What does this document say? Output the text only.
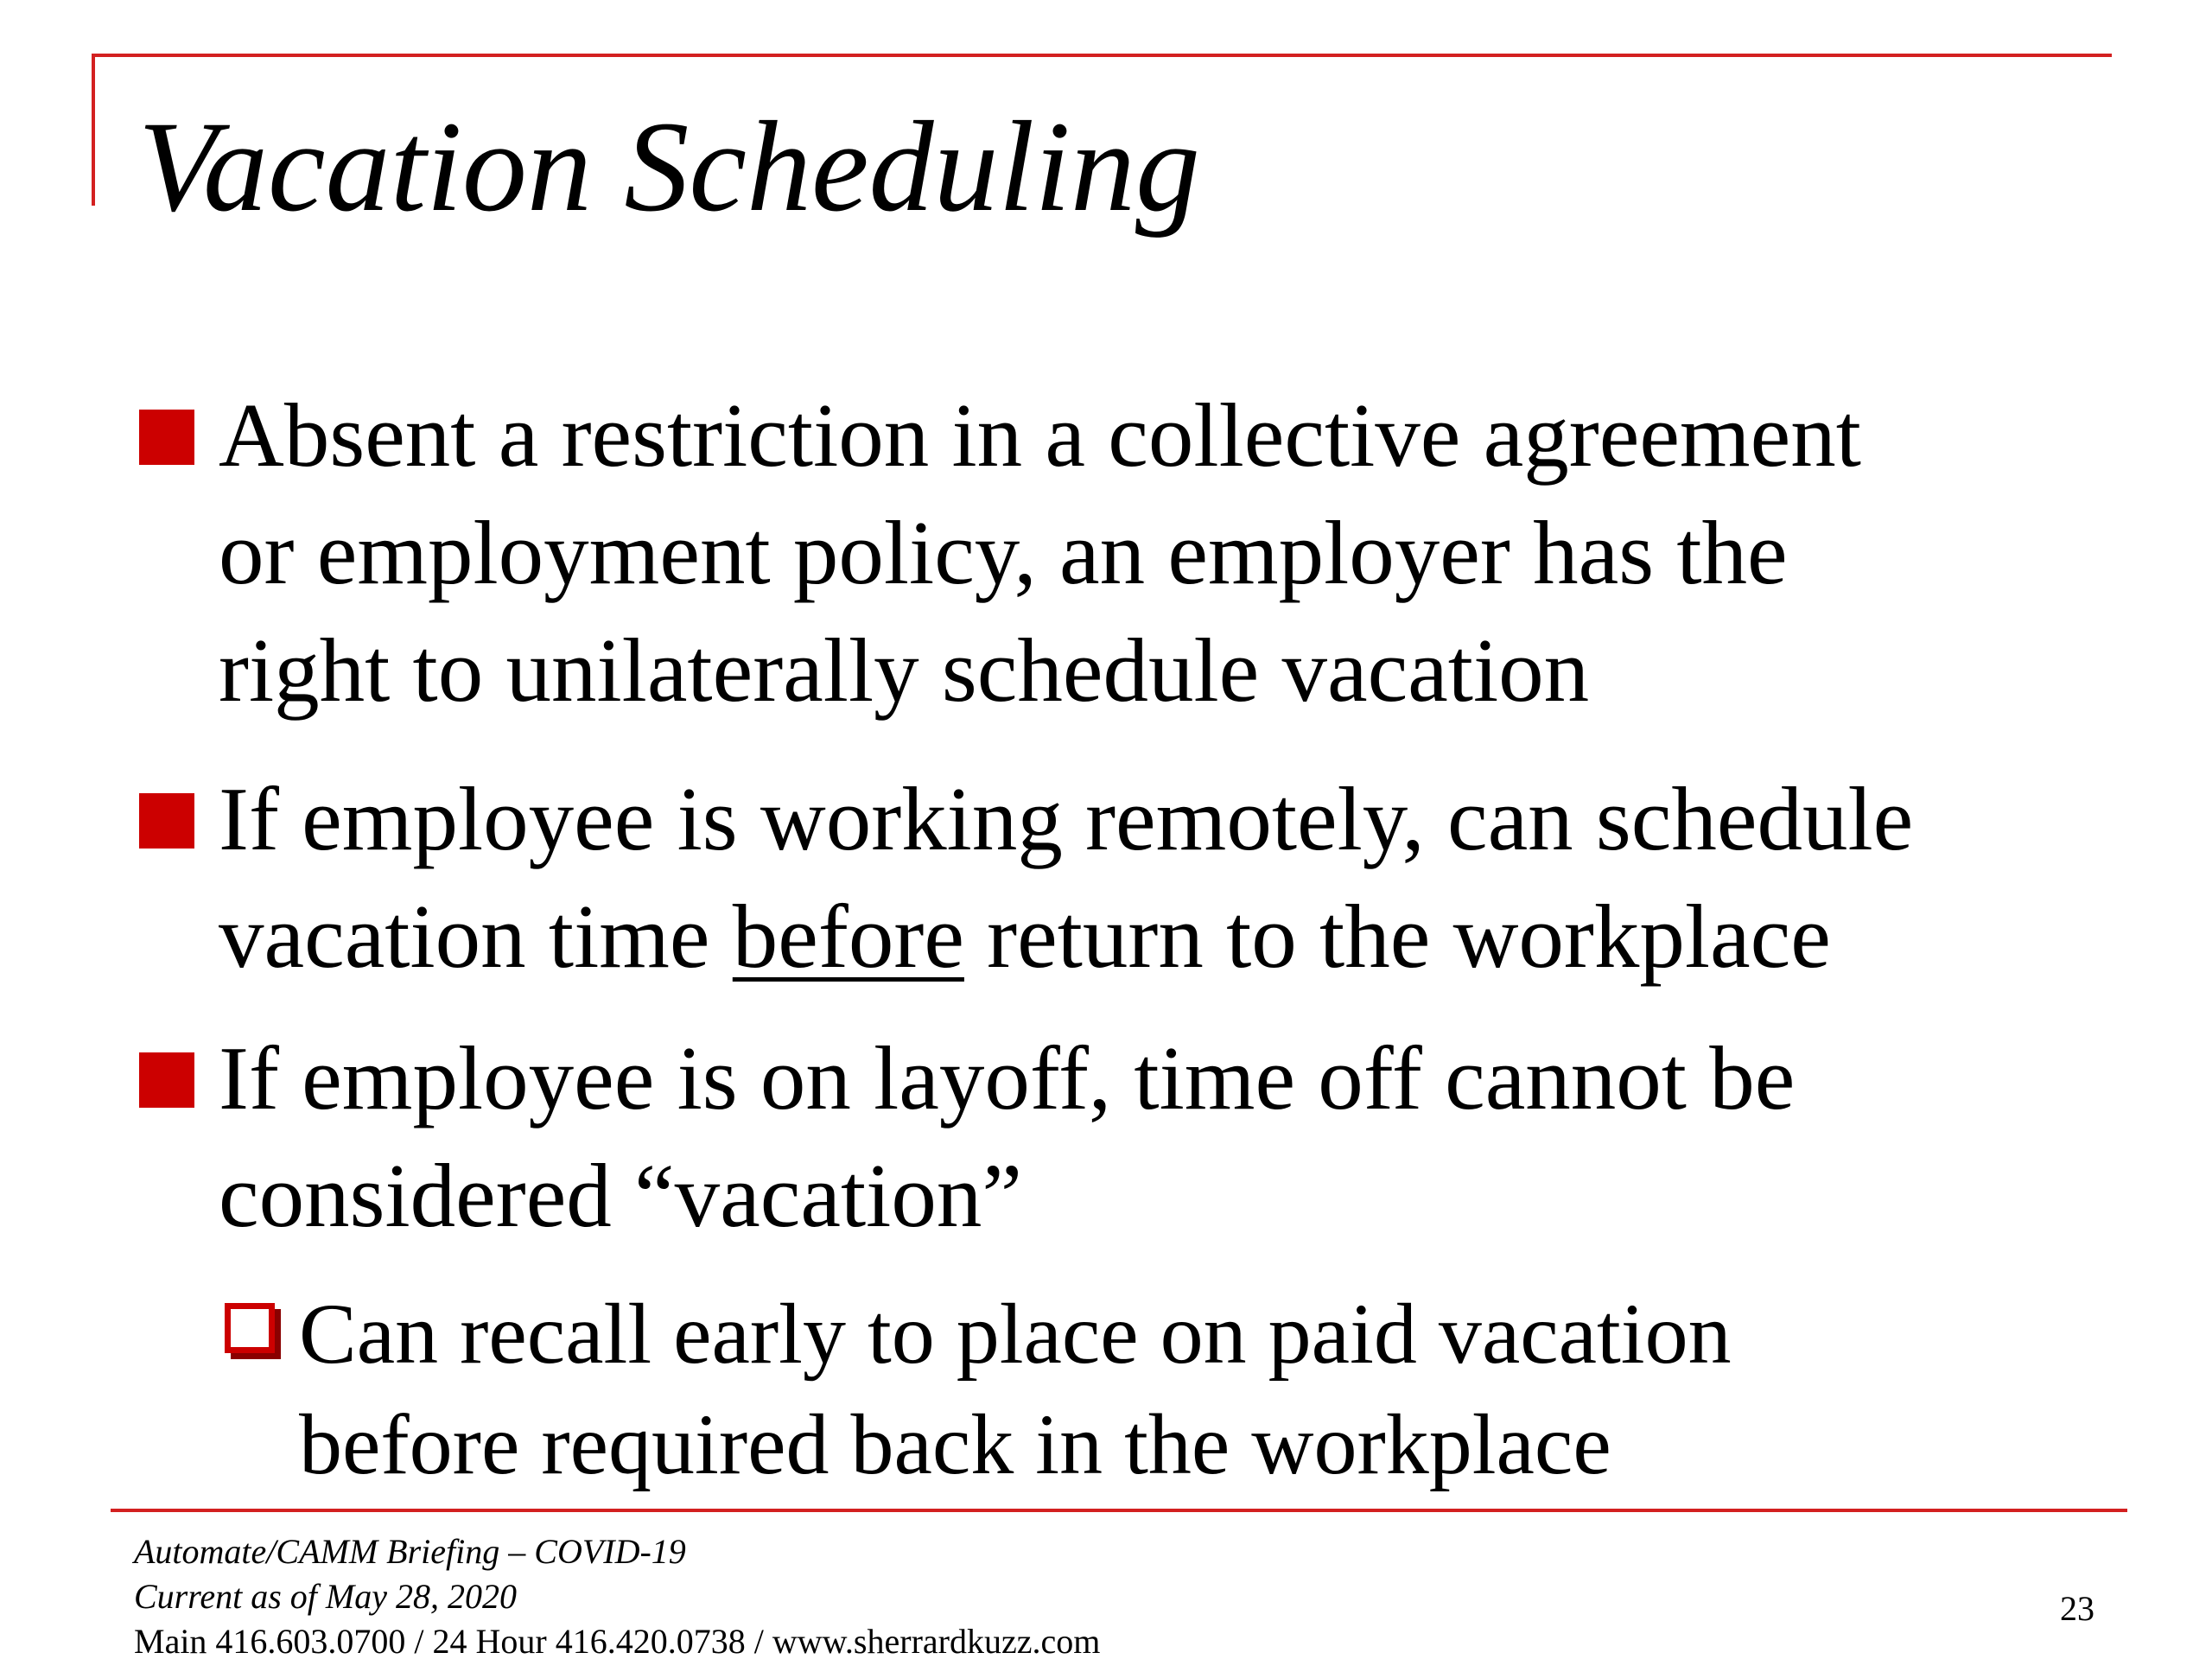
Vacation Scheduling
Absent a restriction in a collective agreement
or employment policy, an employer has the
right to unilaterally schedule vacation
If employee is working remotely, can schedule
vacation time before return to the workplace
If employee is on layoff, time off cannot be
considered “vacation”
Can recall early to place on paid vacation
before required back in the workplace
Automate/CAMM Briefing – COVID-19
Current as of May 28, 2020
Main 416.603.0700 / 24 Hour 416.420.0738 / www.sherrardkuzz.com
23
